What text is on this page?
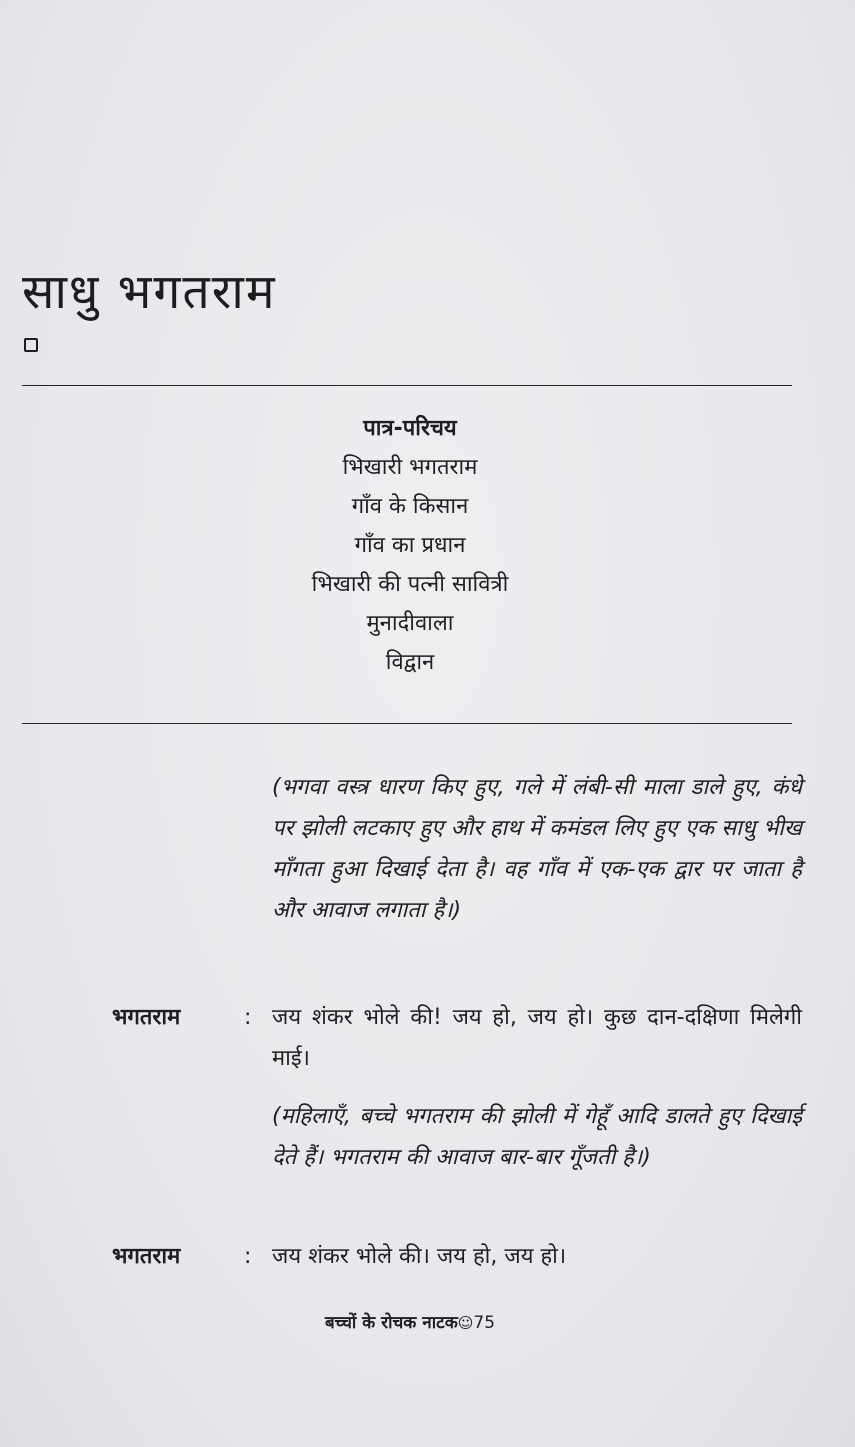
साधु भगतराम
पात्र-परिचय
भिखारी भगतराम
गाँव के किसान
गाँव का प्रधान
भिखारी की पत्नी सावित्री
मुनादीवाला
विद्वान
(भगवा वस्त्र धारण किए हुए, गले में लंबी-सी माला डाले हुए, कंधे पर झोली लटकाए हुए और हाथ में कमंडल लिए हुए एक साधु भीख माँगता हुआ दिखाई देता है। वह गाँव में एक-एक द्वार पर जाता है और आवाज लगाता है।)
भगतराम	: जय शंकर भोले की! जय हो, जय हो। कुछ दान-दक्षिणा मिलेगी माई।
(महिलाएँ, बच्चे भगतराम की झोली में गेहूँ आदि डालते हुए दिखाई देते हैं। भगतराम की आवाज बार-बार गूँजती है।)
भगतराम	: जय शंकर भोले की। जय हो, जय हो।
बच्चों के रोचक नाटक☺75
